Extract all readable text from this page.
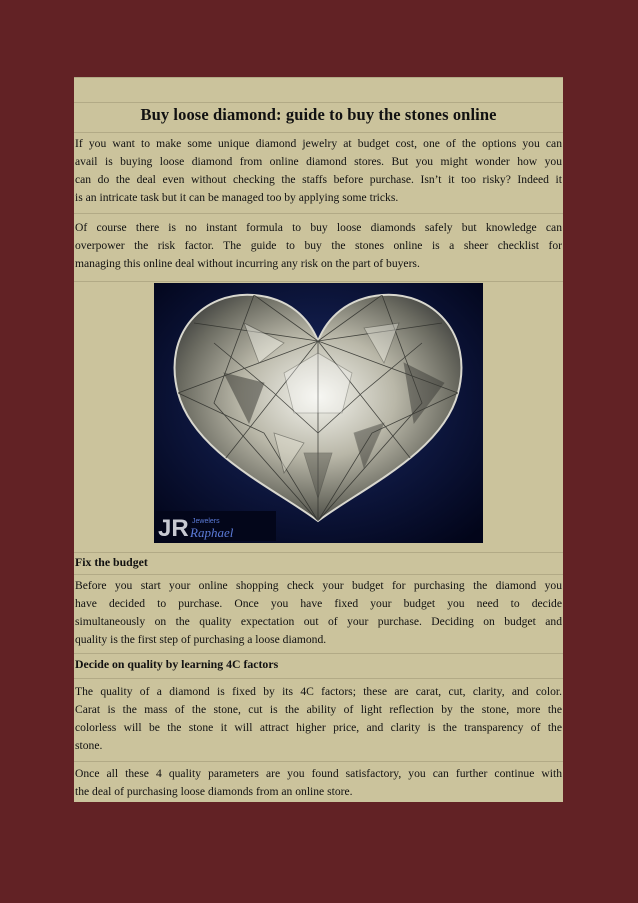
Buy loose diamond: guide to buy the stones online

If you want to make some unique diamond jewelry at budget cost, one of the options you can
avail is buying loose diamond from online diamond stores. But you might wonder how you
can do the deal even without checking the staffs before purchase. Isn’t it too risky? Indeed it
is an intricate task but it can be managed too by applying some tricks.

Of course there is no instant formula to buy loose diamonds safely but knowledge can
overpower the risk factor. The guide to buy the stones online is a sheer checklist for
managing this online deal without incurring any risk on the part of buyers.

JR Jewelers
Raphael
Fix the budget

Before you start your online shopping check your budget for purchasing the diamond you
have decided to purchase. Once you have fixed your budget you need to decide
simultaneously on the quality expectation out of your purchase. Deciding on budget and
quality is the first step of purchasing a loose diamond.

Decide on quality by learning 4C factors

The quality of a diamond is fixed by its 4C factors; these are carat, cut, clarity, and color.
Carat is the mass of the stone, cut is the ability of light reflection by the stone, more the
colorless will be the stone it will attract higher price, and clarity is the transparency of the
stone.

Once all these 4 quality parameters are you found satisfactory, you can further continue with
the deal of purchasing loose diamonds from an online store.
